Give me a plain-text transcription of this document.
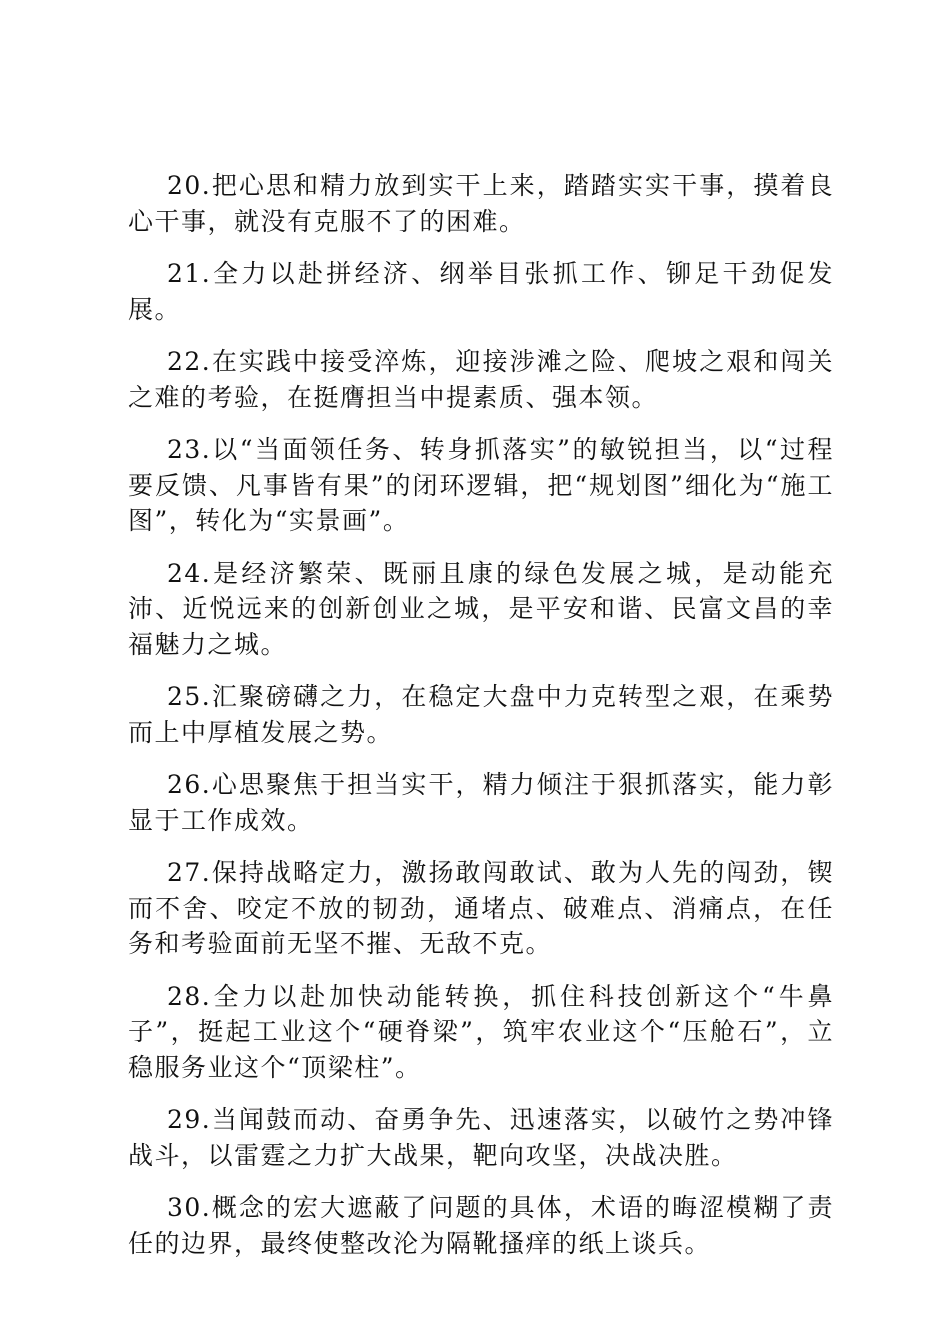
20.把心思和精力放到实干上来，踏踏实实干事，摸着良心干事，就没有克服不了的困难。

21.全力以赴拼经济、纲举目张抓工作、铆足干劲促发展。

22.在实践中接受淬炼，迎接涉滩之险、爬坡之艰和闯关之难的考验，在挺膺担当中提素质、强本领。

23.以“当面领任务、转身抓落实”的敏锐担当，以“过程要反馈、凡事皆有果”的闭环逻辑，把“规划图”细化为“施工图”，转化为“实景画”。

24.是经济繁荣、既丽且康的绿色发展之城，是动能充沛、近悦远来的创新创业之城，是平安和谐、民富文昌的幸福魅力之城。

25.汇聚磅礴之力，在稳定大盘中力克转型之艰，在乘势而上中厚植发展之势。

26.心思聚焦于担当实干，精力倾注于狠抓落实，能力彰显于工作成效。

27.保持战略定力，激扬敢闯敢试、敢为人先的闯劲，锲而不舍、咬定不放的韧劲，通堵点、破难点、消痛点，在任务和考验面前无坚不摧、无敌不克。

28.全力以赴加快动能转换，抓住科技创新这个“牛鼻子”，挺起工业这个“硬脊梁”，筑牢农业这个“压舱石”，立稳服务业这个“顶梁柱”。

29.当闻鼓而动、奋勇争先、迅速落实，以破竹之势冲锋战斗，以雷霆之力扩大战果，靶向攻坚，决战决胜。

30.概念的宏大遮蔽了问题的具体，术语的晦涩模糊了责任的边界，最终使整改沦为隔靴搔痒的纸上谈兵。
